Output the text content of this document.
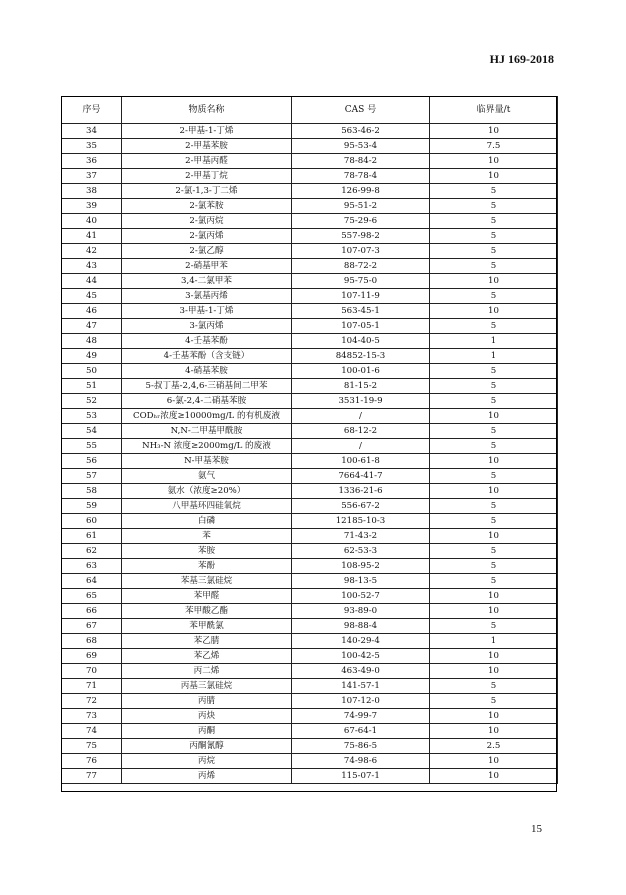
HJ 169-2018
序号	物质名称	CAS 号	临界量/t
34	2-甲基-1-丁烯	563-46-2	10
35	2-甲基苯胺	95-53-4	7.5
36	2-甲基丙醛	78-84-2	10
37	2-甲基丁烷	78-78-4	10
38	2-氯-1,3-丁二烯	126-99-8	5
39	2-氯苯胺	95-51-2	5
40	2-氯丙烷	75-29-6	5
41	2-氯丙烯	557-98-2	5
42	2-氯乙醇	107-07-3	5
43	2-硝基甲苯	88-72-2	5
44	3,4-二氯甲苯	95-75-0	10
45	3-氯基丙烯	107-11-9	5
46	3-甲基-1-丁烯	563-45-1	10
47	3-氯丙烯	107-05-1	5
48	4-壬基苯酚	104-40-5	1
49	4-壬基苯酚（含支链）	84852-15-3	1
50	4-硝基苯胺	100-01-6	5
51	5-叔丁基-2,4,6-三硝基间二甲苯	81-15-2	5
52	6-氯-2,4-二硝基苯胺	3531-19-9	5
53	CODₕᵣ浓度≥10000mg/L 的有机废液	/	10
54	N,N-二甲基甲酰胺	68-12-2	5
55	NH₃-N 浓度≥2000mg/L 的废液	/	5
56	N-甲基苯胺	100-61-8	10
57	氨气	7664-41-7	5
58	氨水（浓度≥20%）	1336-21-6	10
59	八甲基环四硅氧烷	556-67-2	5
60	白磷	12185-10-3	5
61	苯	71-43-2	10
62	苯胺	62-53-3	5
63	苯酚	108-95-2	5
64	苯基三氯硅烷	98-13-5	5
65	苯甲醛	100-52-7	10
66	苯甲酸乙酯	93-89-0	10
67	苯甲酰氯	98-88-4	5
68	苯乙腈	140-29-4	1
69	苯乙烯	100-42-5	10
70	丙二烯	463-49-0	10
71	丙基三氯硅烷	141-57-1	5
72	丙腈	107-12-0	5
73	丙炔	74-99-7	10
74	丙酮	67-64-1	10
75	丙酮氰醇	75-86-5	2.5
76	丙烷	74-98-6	10
77	丙烯	115-07-1	10
15
